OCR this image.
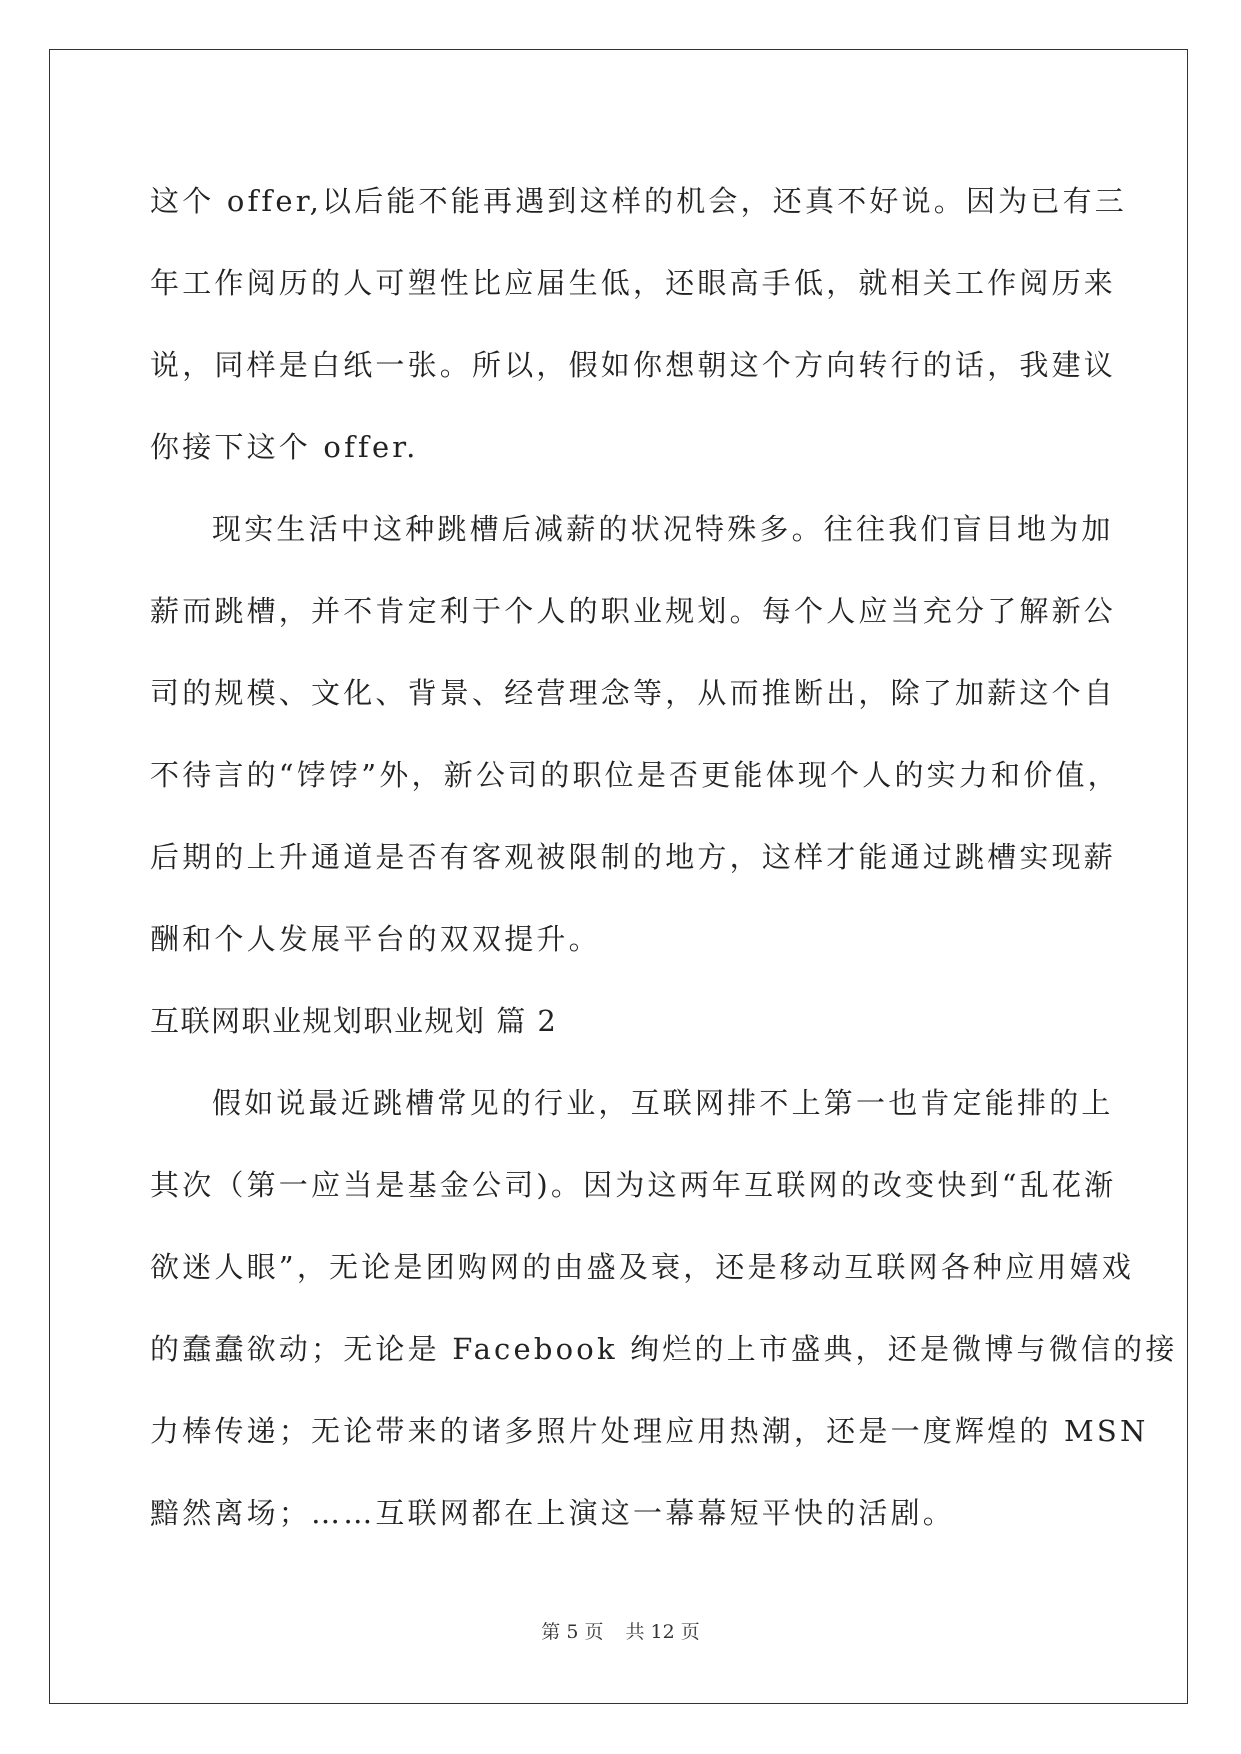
这个 offer,以后能不能再遇到这样的机会，还真不好说。因为已有三

年工作阅历的人可塑性比应届生低，还眼高手低，就相关工作阅历来

说，同样是白纸一张。所以，假如你想朝这个方向转行的话，我建议

你接下这个 offer.

现实生活中这种跳槽后减薪的状况特殊多。往往我们盲目地为加

薪而跳槽，并不肯定利于个人的职业规划。每个人应当充分了解新公

司的规模、文化、背景、经营理念等，从而推断出，除了加薪这个自

不待言的“饽饽”外，新公司的职位是否更能体现个人的实力和价值，

后期的上升通道是否有客观被限制的地方，这样才能通过跳槽实现薪

酬和个人发展平台的双双提升。

互联网职业规划职业规划 篇 2

假如说最近跳槽常见的行业，互联网排不上第一也肯定能排的上

其次（第一应当是基金公司)。因为这两年互联网的改变快到“乱花渐

欲迷人眼”，无论是团购网的由盛及衰，还是移动互联网各种应用嬉戏

的蠢蠢欲动；无论是 Facebook 绚烂的上市盛典，还是微博与微信的接

力棒传递；无论带来的诸多照片处理应用热潮，还是一度辉煌的 MSN

黯然离场；……互联网都在上演这一幕幕短平快的活剧。

第 5 页 共 12 页
